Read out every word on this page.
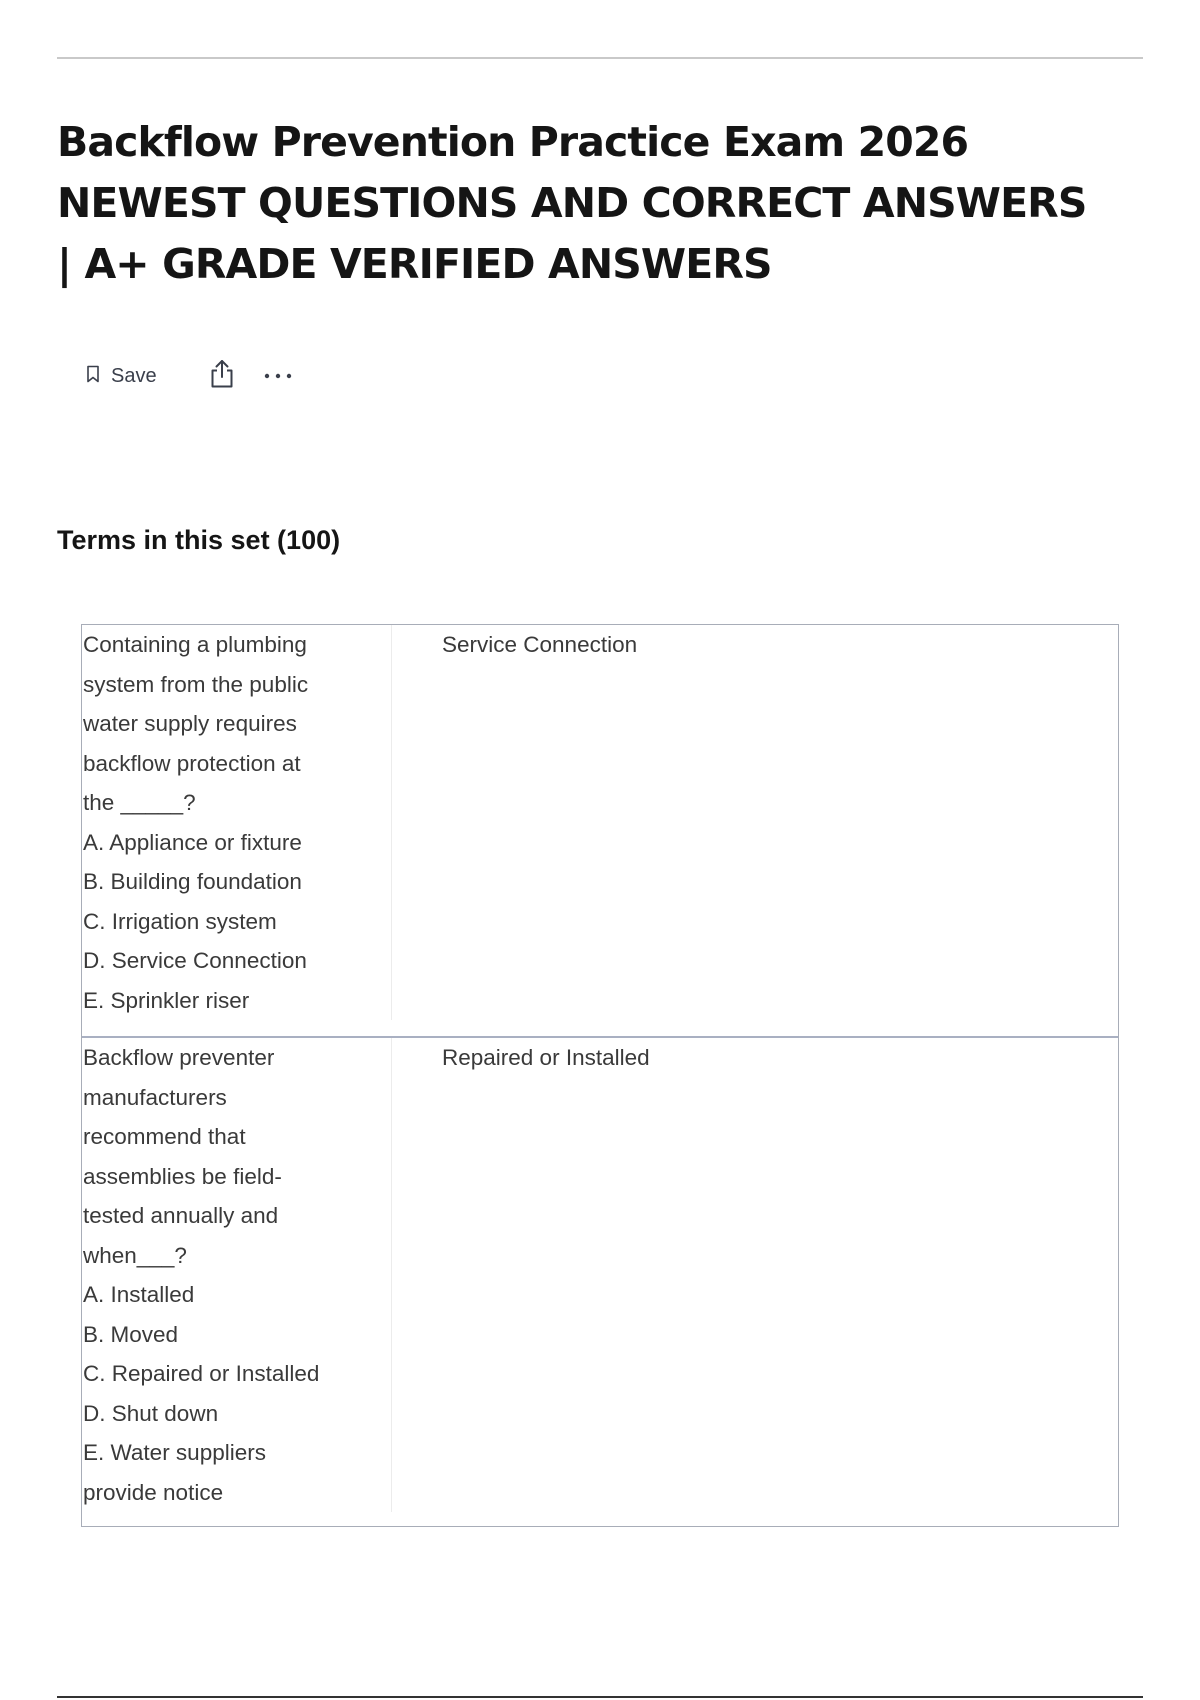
Backflow Prevention Practice Exam 2026
NEWEST QUESTIONS AND CORRECT ANSWERS
| A+ GRADE VERIFIED ANSWERS
Save
Terms in this set (100)
Containing a plumbing
system from the public
water supply requires
backflow protection at
the _____?
A. Appliance or fixture
B. Building foundation
C. Irrigation system
D. Service Connection
E. Sprinkler riser
Service Connection
Backflow preventer
manufacturers
recommend that
assemblies be field-
tested annually and
when___?
A. Installed
B. Moved
C. Repaired or Installed
D. Shut down
E. Water suppliers
provide notice
Repaired or Installed
